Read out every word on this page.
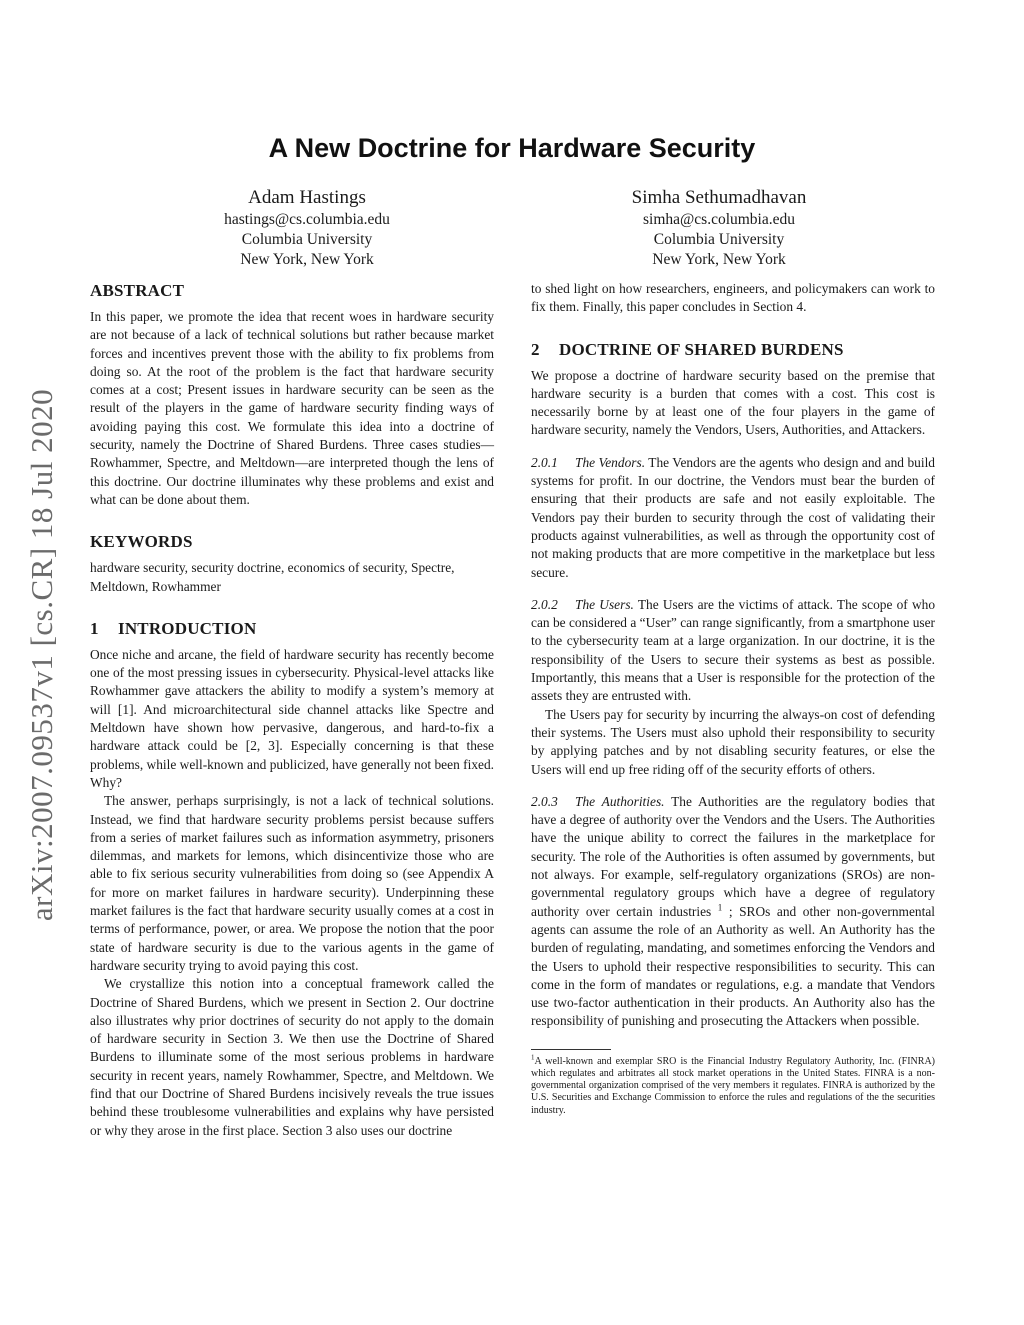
arXiv:2007.09537v1 [cs.CR] 18 Jul 2020
A New Doctrine for Hardware Security
Adam Hastings
hastings@cs.columbia.edu
Columbia University
New York, New York
Simha Sethumadhavan
simha@cs.columbia.edu
Columbia University
New York, New York
ABSTRACT

In this paper, we promote the idea that recent woes in hardware security are not because of a lack of technical solutions but rather because market forces and incentives prevent those with the ability to fix problems from doing so. At the root of the problem is the fact that hardware security comes at a cost; Present issues in hardware security can be seen as the result of the players in the game of hardware security finding ways of avoiding paying this cost. We formulate this idea into a doctrine of security, namely the Doctrine of Shared Burdens. Three cases studies—Rowhammer, Spectre, and Meltdown—are interpreted though the lens of this doctrine. Our doctrine illuminates why these problems and exist and what can be done about them.

KEYWORDS

hardware security, security doctrine, economics of security, Spectre, Meltdown, Rowhammer

1 INTRODUCTION

Once niche and arcane, the field of hardware security has recently become one of the most pressing issues in cybersecurity. Physical-level attacks like Rowhammer gave attackers the ability to modify a system’s memory at will [1]. And microarchitectural side channel attacks like Spectre and Meltdown have shown how pervasive, dangerous, and hard-to-fix a hardware attack could be [2, 3]. Especially concerning is that these problems, while well-known and publicized, have generally not been fixed. Why?

The answer, perhaps surprisingly, is not a lack of technical solutions. Instead, we find that hardware security problems persist because suffers from a series of market failures such as information asymmetry, prisoners dilemmas, and markets for lemons, which disincentivize those who are able to fix serious security vulnerabilities from doing so (see Appendix A for more on market failures in hardware security). Underpinning these market failures is the fact that hardware security usually comes at a cost in terms of performance, power, or area. We propose the notion that the poor state of hardware security is due to the various agents in the game of hardware security trying to avoid paying this cost.

We crystallize this notion into a conceptual framework called the Doctrine of Shared Burdens, which we present in Section 2. Our doctrine also illustrates why prior doctrines of security do not apply to the domain of hardware security in Section 3. We then use the Doctrine of Shared Burdens to illuminate some of the most serious problems in hardware security in recent years, namely Rowhammer, Spectre, and Meltdown. We find that our Doctrine of Shared Burdens incisively reveals the true issues behind these troublesome vulnerabilities and explains why have persisted or why they arose in the first place. Section 3 also uses our doctrine

to shed light on how researchers, engineers, and policymakers can work to fix them. Finally, this paper concludes in Section 4.

2 DOCTRINE OF SHARED BURDENS

We propose a doctrine of hardware security based on the premise that hardware security is a burden that comes with a cost. This cost is necessarily borne by at least one of the four players in the game of hardware security, namely the Vendors, Users, Authorities, and Attackers.

2.0.1 The Vendors. The Vendors are the agents who design and and build systems for profit. In our doctrine, the Vendors must bear the burden of ensuring that their products are safe and not easily exploitable. The Vendors pay their burden to security through the cost of validating their products against vulnerabilities, as well as through the opportunity cost of not making products that are more competitive in the marketplace but less secure.

2.0.2 The Users. The Users are the victims of attack. The scope of who can be considered a “User” can range significantly, from a smartphone user to the cybersecurity team at a large organization. In our doctrine, it is the responsibility of the Users to secure their systems as best as possible. Importantly, this means that a User is responsible for the protection of the assets they are entrusted with.

The Users pay for security by incurring the always-on cost of defending their systems. The Users must also uphold their responsibility to security by applying patches and by not disabling security features, or else the Users will end up free riding off of the security efforts of others.

2.0.3 The Authorities. The Authorities are the regulatory bodies that have a degree of authority over the Vendors and the Users. The Authorities have the unique ability to correct the failures in the marketplace for security. The role of the Authorities is often assumed by governments, but not always. For example, self-regulatory organizations (SROs) are non-governmental regulatory groups which have a degree of regulatory authority over certain industries $^1$ ; SROs and other non-governmental agents can assume the role of an Authority as well. An Authority has the burden of regulating, mandating, and sometimes enforcing the Vendors and the Users to uphold their respective responsibilities to security. This can come in the form of mandates or regulations, e.g. a mandate that Vendors use two-factor authentication in their products. An Authority also has the responsibility of punishing and prosecuting the Attackers when possible.

$^1$A well-known and exemplar SRO is the Financial Industry Regulatory Authority, Inc. (FINRA) which regulates and arbitrates all stock market operations in the United States. FINRA is a non-governmental organization comprised of the very members it regulates. FINRA is authorized by the U.S. Securities and Exchange Commission to enforce the rules and regulations of the the securities industry.
